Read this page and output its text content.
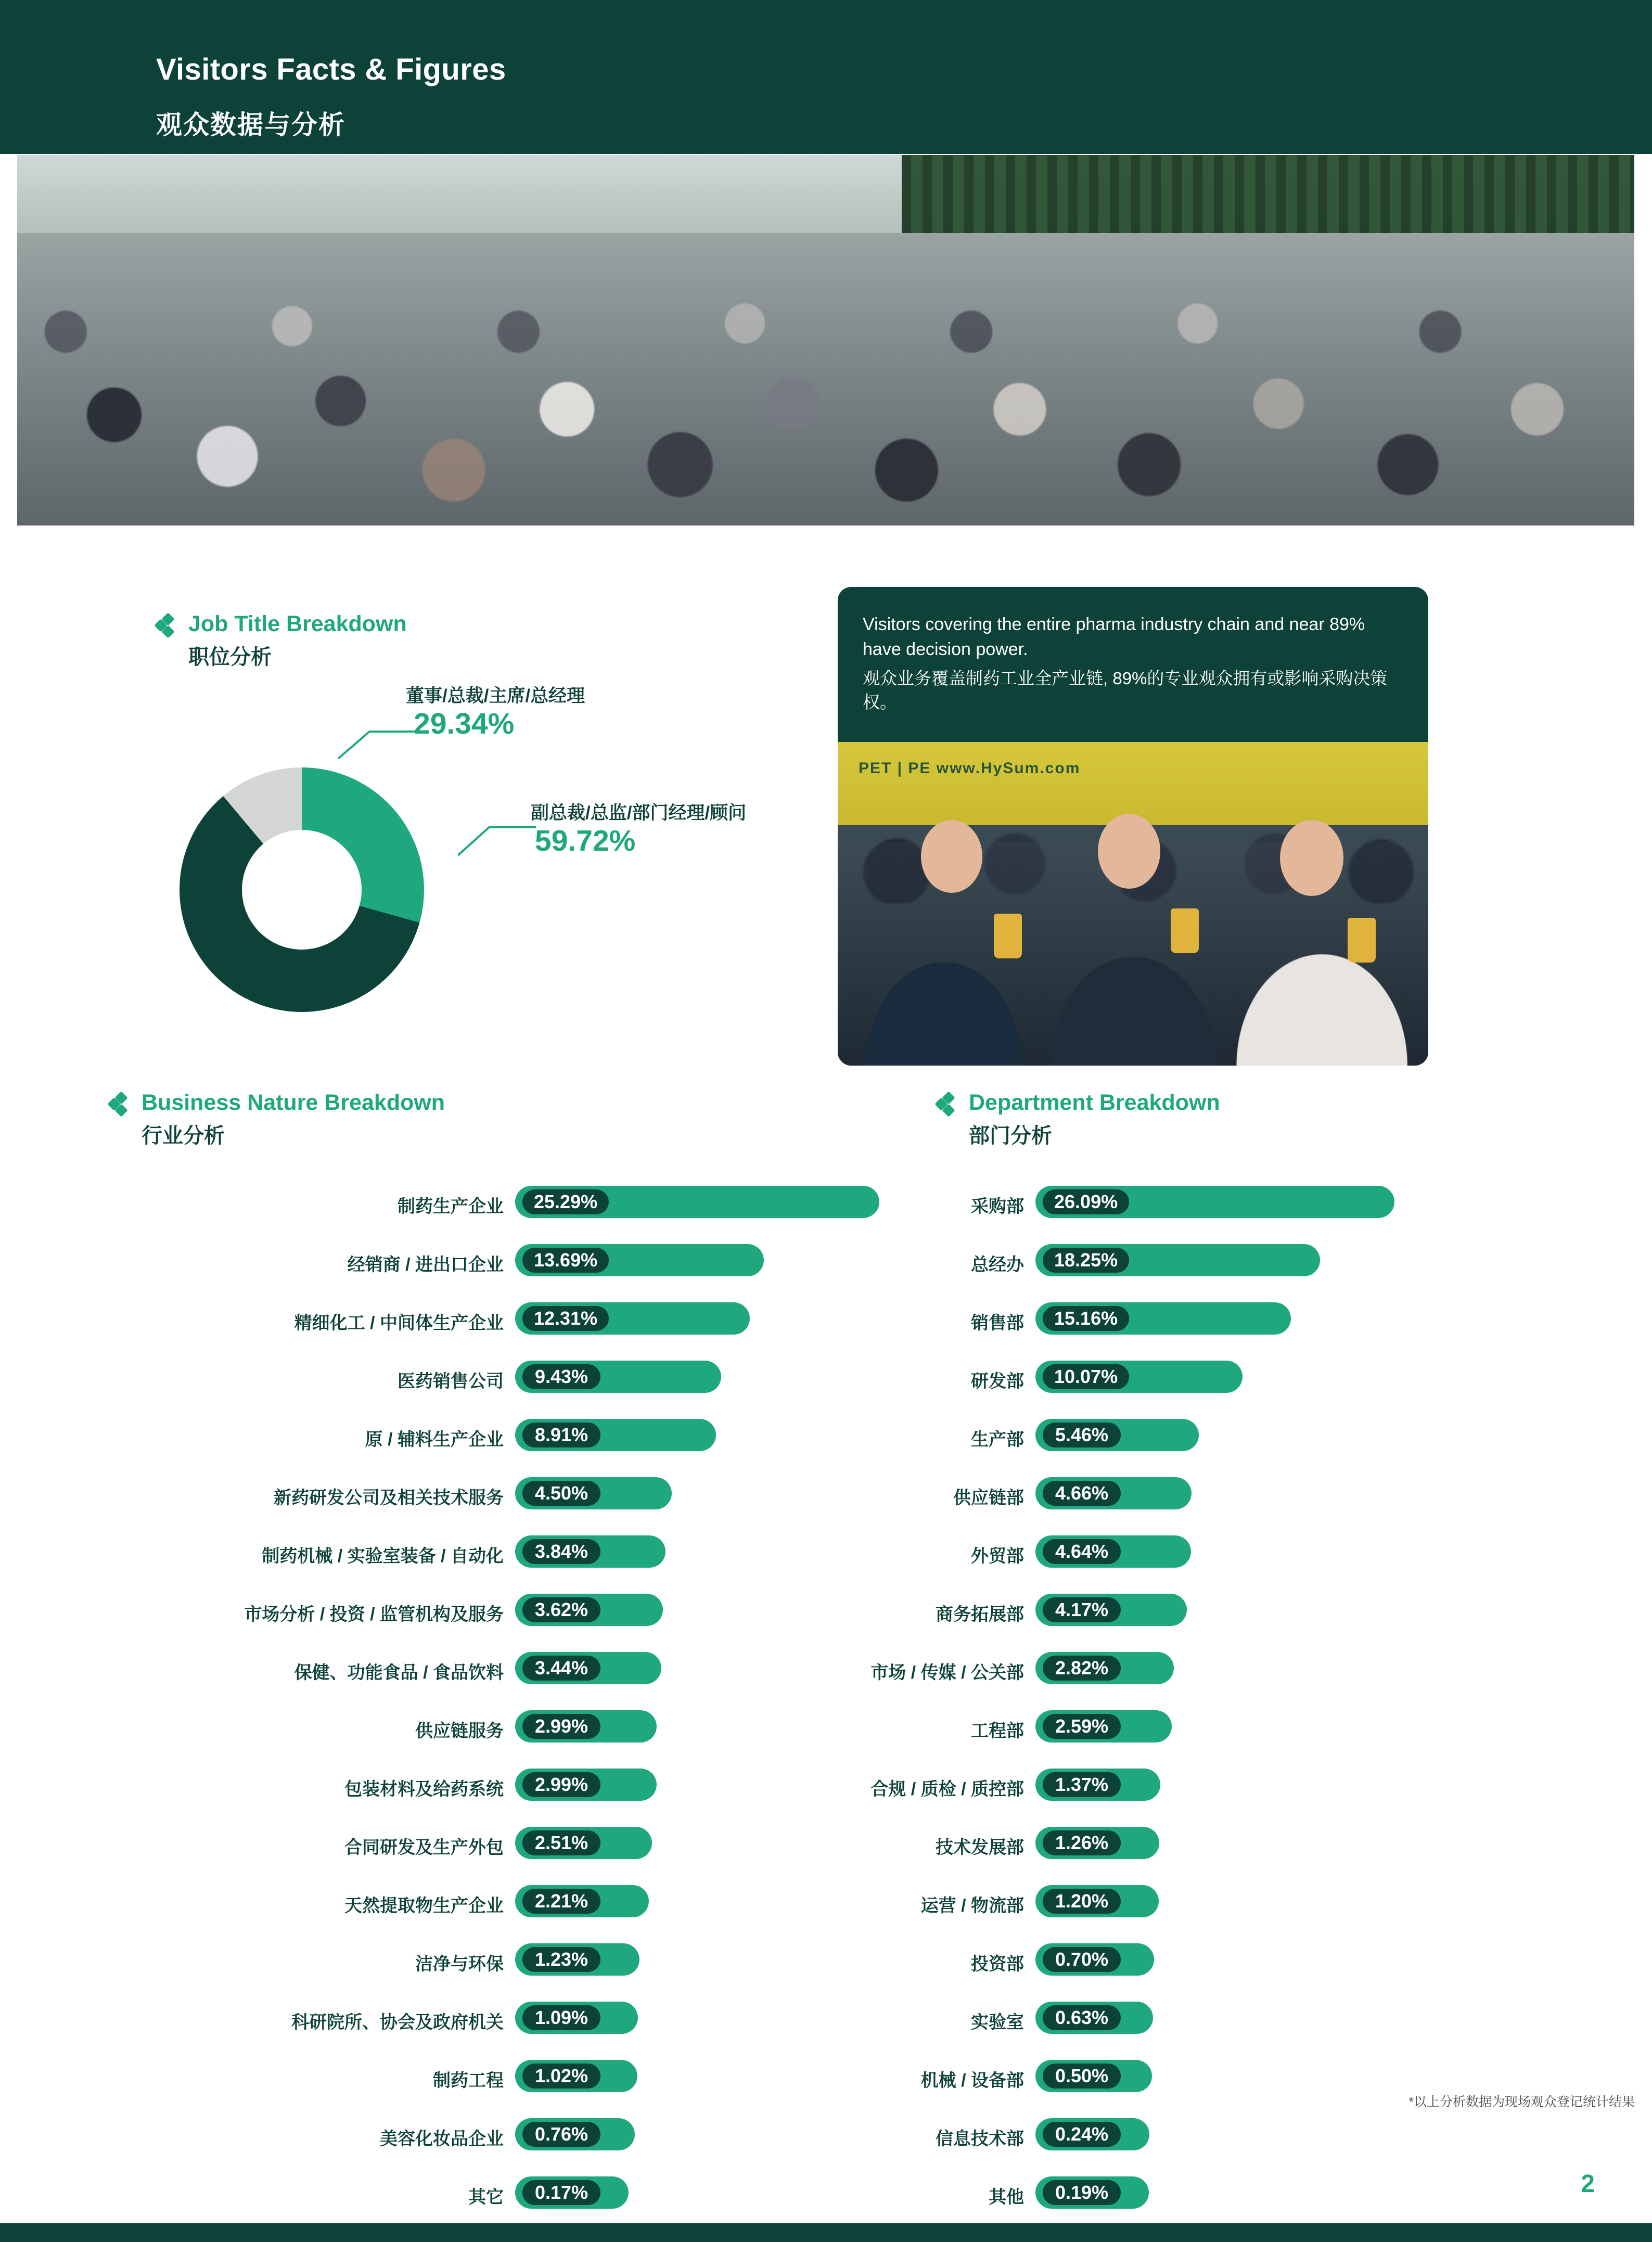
Visitors Facts & Figures
观众数据与分析
Job Title Breakdown
职位分析
董事/总裁/主席/总经理
29.34%
副总裁/总监/部门经理/顾问
59.72%
Visitors covering the entire pharma industry chain and near 89% have decision power.
观众业务覆盖制药工业全产业链, 89%的专业观众拥有或影响采购决策权。
PET | PE www.HySum.com
Business Nature Breakdown
行业分析
Department Breakdown
部门分析
制药生产企业	25.29%
经销商 / 进出口企业	13.69%
精细化工 / 中间体生产企业	12.31%
医药销售公司	9.43%
原 / 辅料生产企业	8.91%
新药研发公司及相关技术服务	4.50%
制药机械 / 实验室装备 / 自动化	3.84%
市场分析 / 投资 / 监管机构及服务	3.62%
保健、功能食品 / 食品饮料	3.44%
供应链服务	2.99%
包装材料及给药系统	2.99%
合同研发及生产外包	2.51%
天然提取物生产企业	2.21%
洁净与环保	1.23%
科研院所、协会及政府机关	1.09%
制药工程	1.02%
美容化妆品企业	0.76%
其它	0.17%
采购部	26.09%
总经办	18.25%
销售部	15.16%
研发部	10.07%
生产部	5.46%
供应链部	4.66%
外贸部	4.64%
商务拓展部	4.17%
市场 / 传媒 / 公关部	2.82%
工程部	2.59%
合规 / 质检 / 质控部	1.37%
技术发展部	1.26%
运营 / 物流部	1.20%
投资部	0.70%
实验室	0.63%
机械 / 设备部	0.50%
信息技术部	0.24%
其他	0.19%
*以上分析数据为现场观众登记统计结果
2
